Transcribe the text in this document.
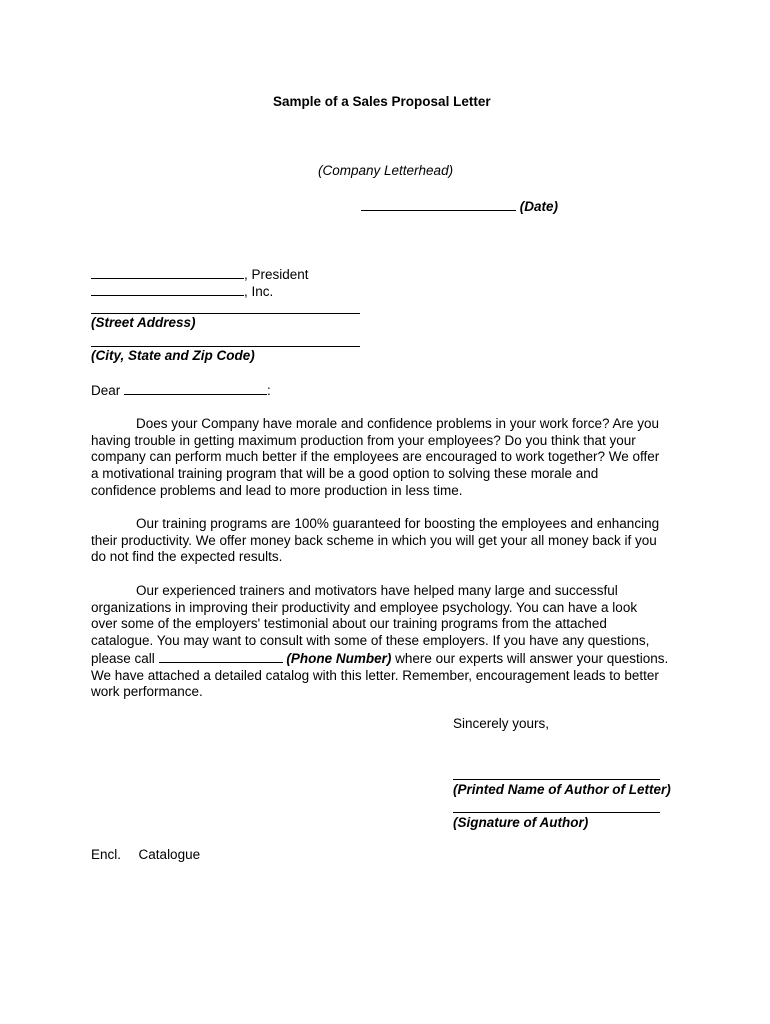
Sample of a Sales Proposal Letter
(Company Letterhead)
(Date)
, President
, Inc.
(Street Address)
(City, State and Zip Code)
Dear	:
Does your Company have morale and confidence problems in your work force? Are you
having trouble in getting maximum production from your employees? Do you think that your
company can perform much better if the employees are encouraged to work together? We offer
a motivational training program that will be a good option to solving these morale and
confidence problems and lead to more production in less time.
Our training programs are 100% guaranteed for boosting the employees and enhancing
their productivity. We offer money back scheme in which you will get your all money back if you
do not find the expected results.
Our experienced trainers and motivators have helped many large and successful
organizations in improving their productivity and employee psychology. You can have a look
over some of the employers' testimonial about our training programs from the attached
catalogue. You may want to consult with some of these employers. If you have any questions,
please call	(Phone Number) where our experts will answer your questions.
We have attached a detailed catalog with this letter. Remember, encouragement leads to better
work performance.
Sincerely yours,
(Printed Name of Author of Letter)
(Signature of Author)
Encl. Catalogue
